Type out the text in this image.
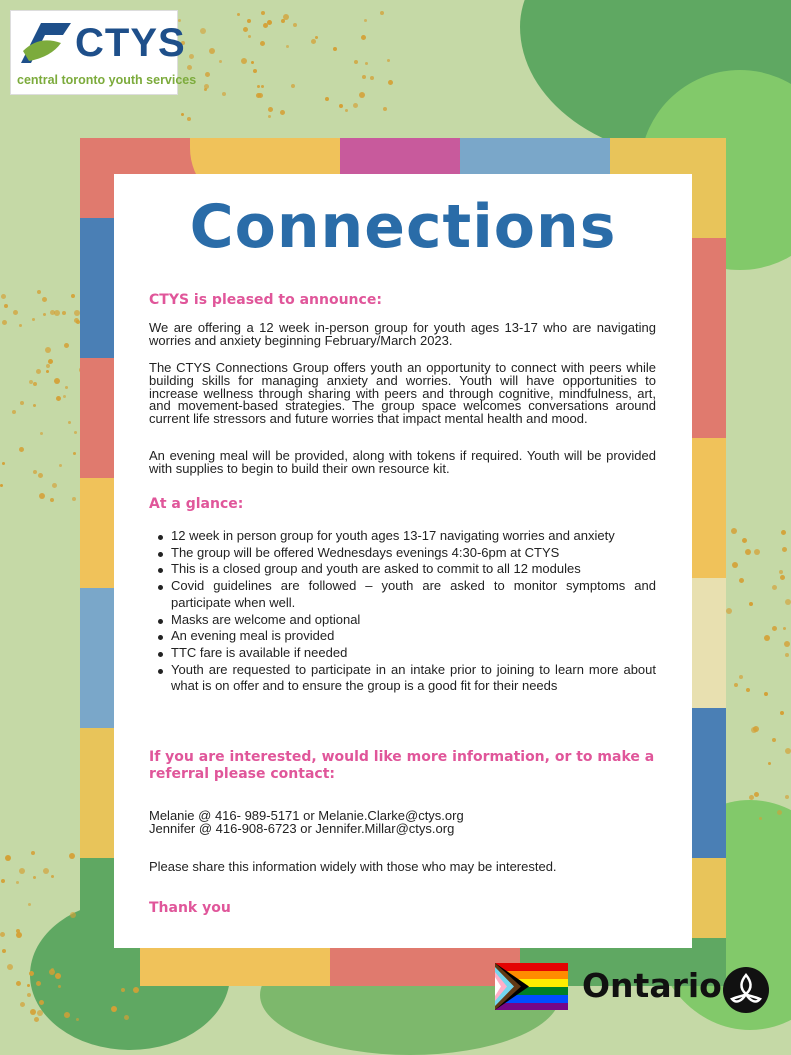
CTYS
central toronto youth services
Connections
CTYS is pleased to announce:

We are offering a 12 week in-person group for youth ages 13-17 who are navigating worries and anxiety beginning February/March 2023.

The CTYS Connections Group offers youth an opportunity to connect with peers while building skills for managing anxiety and worries. Youth will have opportunities to increase wellness through sharing with peers and through cognitive, mindfulness, art, and movement-based strategies. The group space welcomes conversations around current life stressors and future worries that impact mental health and mood.

An evening meal will be provided, along with tokens if required. Youth will be provided with supplies to begin to build their own resource kit.

At a glance:
12 week in person group for youth ages 13-17 navigating worries and anxiety
The group will be offered Wednesdays evenings 4:30-6pm at CTYS
This is a closed group and youth are asked to commit to all 12 modules
Covid guidelines are followed – youth are asked to monitor symptoms and participate when well.
Masks are welcome and optional
An evening meal is provided
TTC fare is available if needed
Youth are requested to participate in an intake prior to joining to learn more about what is on offer and to ensure the group is a good fit for their needs
If you are interested, would like more information, or to make a referral please contact:

Melanie @ 416- 989-5171 or Melanie.Clarke@ctys.org

Jennifer @ 416-908-6723 or Jennifer.Millar@ctys.org

Please share this information widely with those who may be interested.

Thank you
Ontario
